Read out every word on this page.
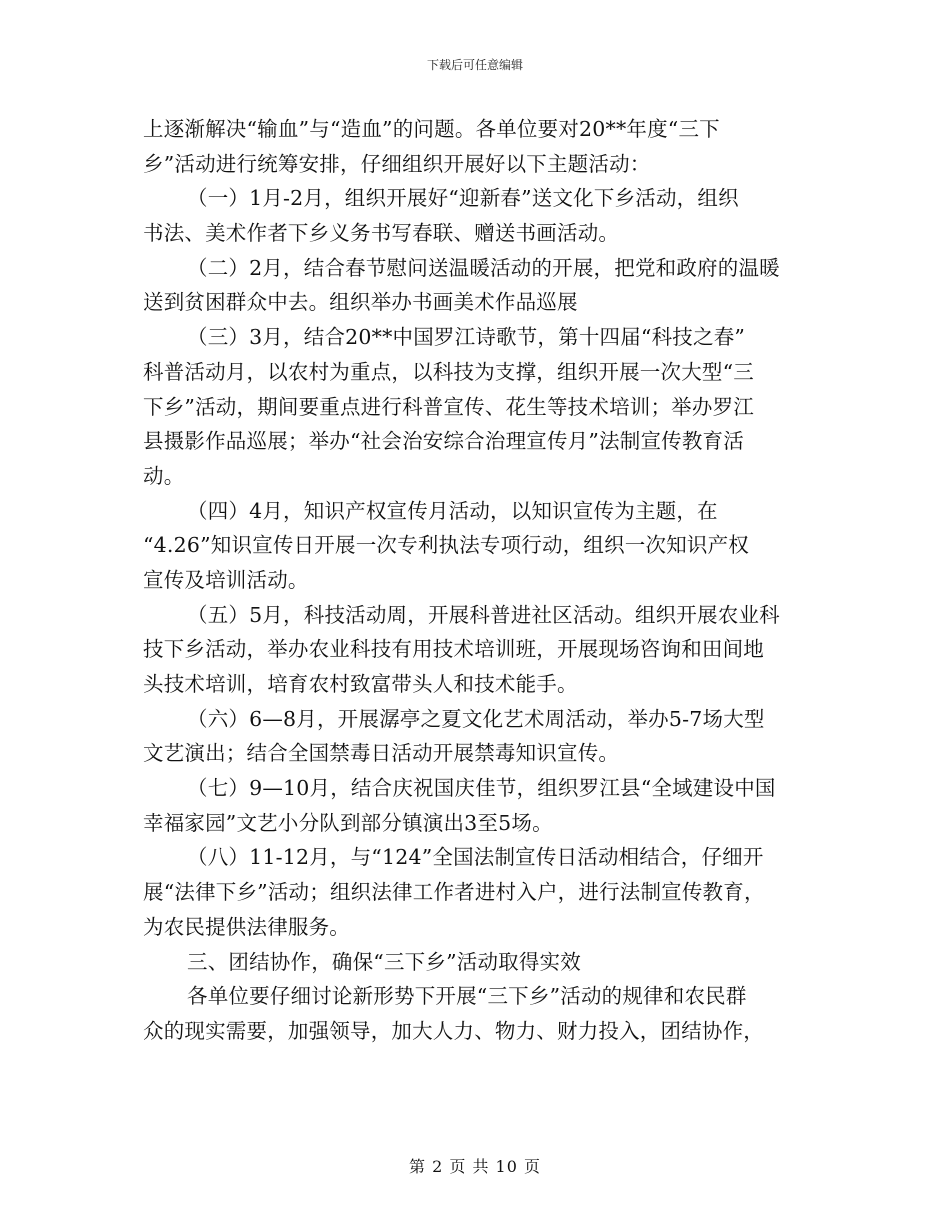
下载后可任意编辑
上逐渐解决“输血”与“造血”的问题。各单位要对20**年度“三下
乡”活动进行统筹安排，仔细组织开展好以下主题活动：
（一）1月-2月，组织开展好“迎新春”送文化下乡活动，组织
书法、美术作者下乡义务书写春联、赠送书画活动。
（二）2月，结合春节慰问送温暖活动的开展，把党和政府的温暖
送到贫困群众中去。组织举办书画美术作品巡展
（三）3月，结合20**中国罗江诗歌节，第十四届“科技之春”
科普活动月，以农村为重点，以科技为支撑，组织开展一次大型“三
下乡”活动，期间要重点进行科普宣传、花生等技术培训；举办罗江
县摄影作品巡展；举办“社会治安综合治理宣传月”法制宣传教育活
动。
（四）4月，知识产权宣传月活动，以知识宣传为主题，在
“4.26”知识宣传日开展一次专利执法专项行动，组织一次知识产权
宣传及培训活动。
（五）5月，科技活动周，开展科普进社区活动。组织开展农业科
技下乡活动，举办农业科技有用技术培训班，开展现场咨询和田间地
头技术培训，培育农村致富带头人和技术能手。
（六）6—8月，开展潺亭之夏文化艺术周活动，举办5-7场大型
文艺演出；结合全国禁毒日活动开展禁毒知识宣传。
（七）9—10月，结合庆祝国庆佳节，组织罗江县“全域建设中国
幸福家园”文艺小分队到部分镇演出3至5场。
（八）11-12月，与“124”全国法制宣传日活动相结合，仔细开
展“法律下乡”活动；组织法律工作者进村入户，进行法制宣传教育，
为农民提供法律服务。
三、团结协作，确保“三下乡”活动取得实效
各单位要仔细讨论新形势下开展“三下乡”活动的规律和农民群
众的现实需要，加强领导，加大人力、物力、财力投入，团结协作，
第 2 页 共 10 页
